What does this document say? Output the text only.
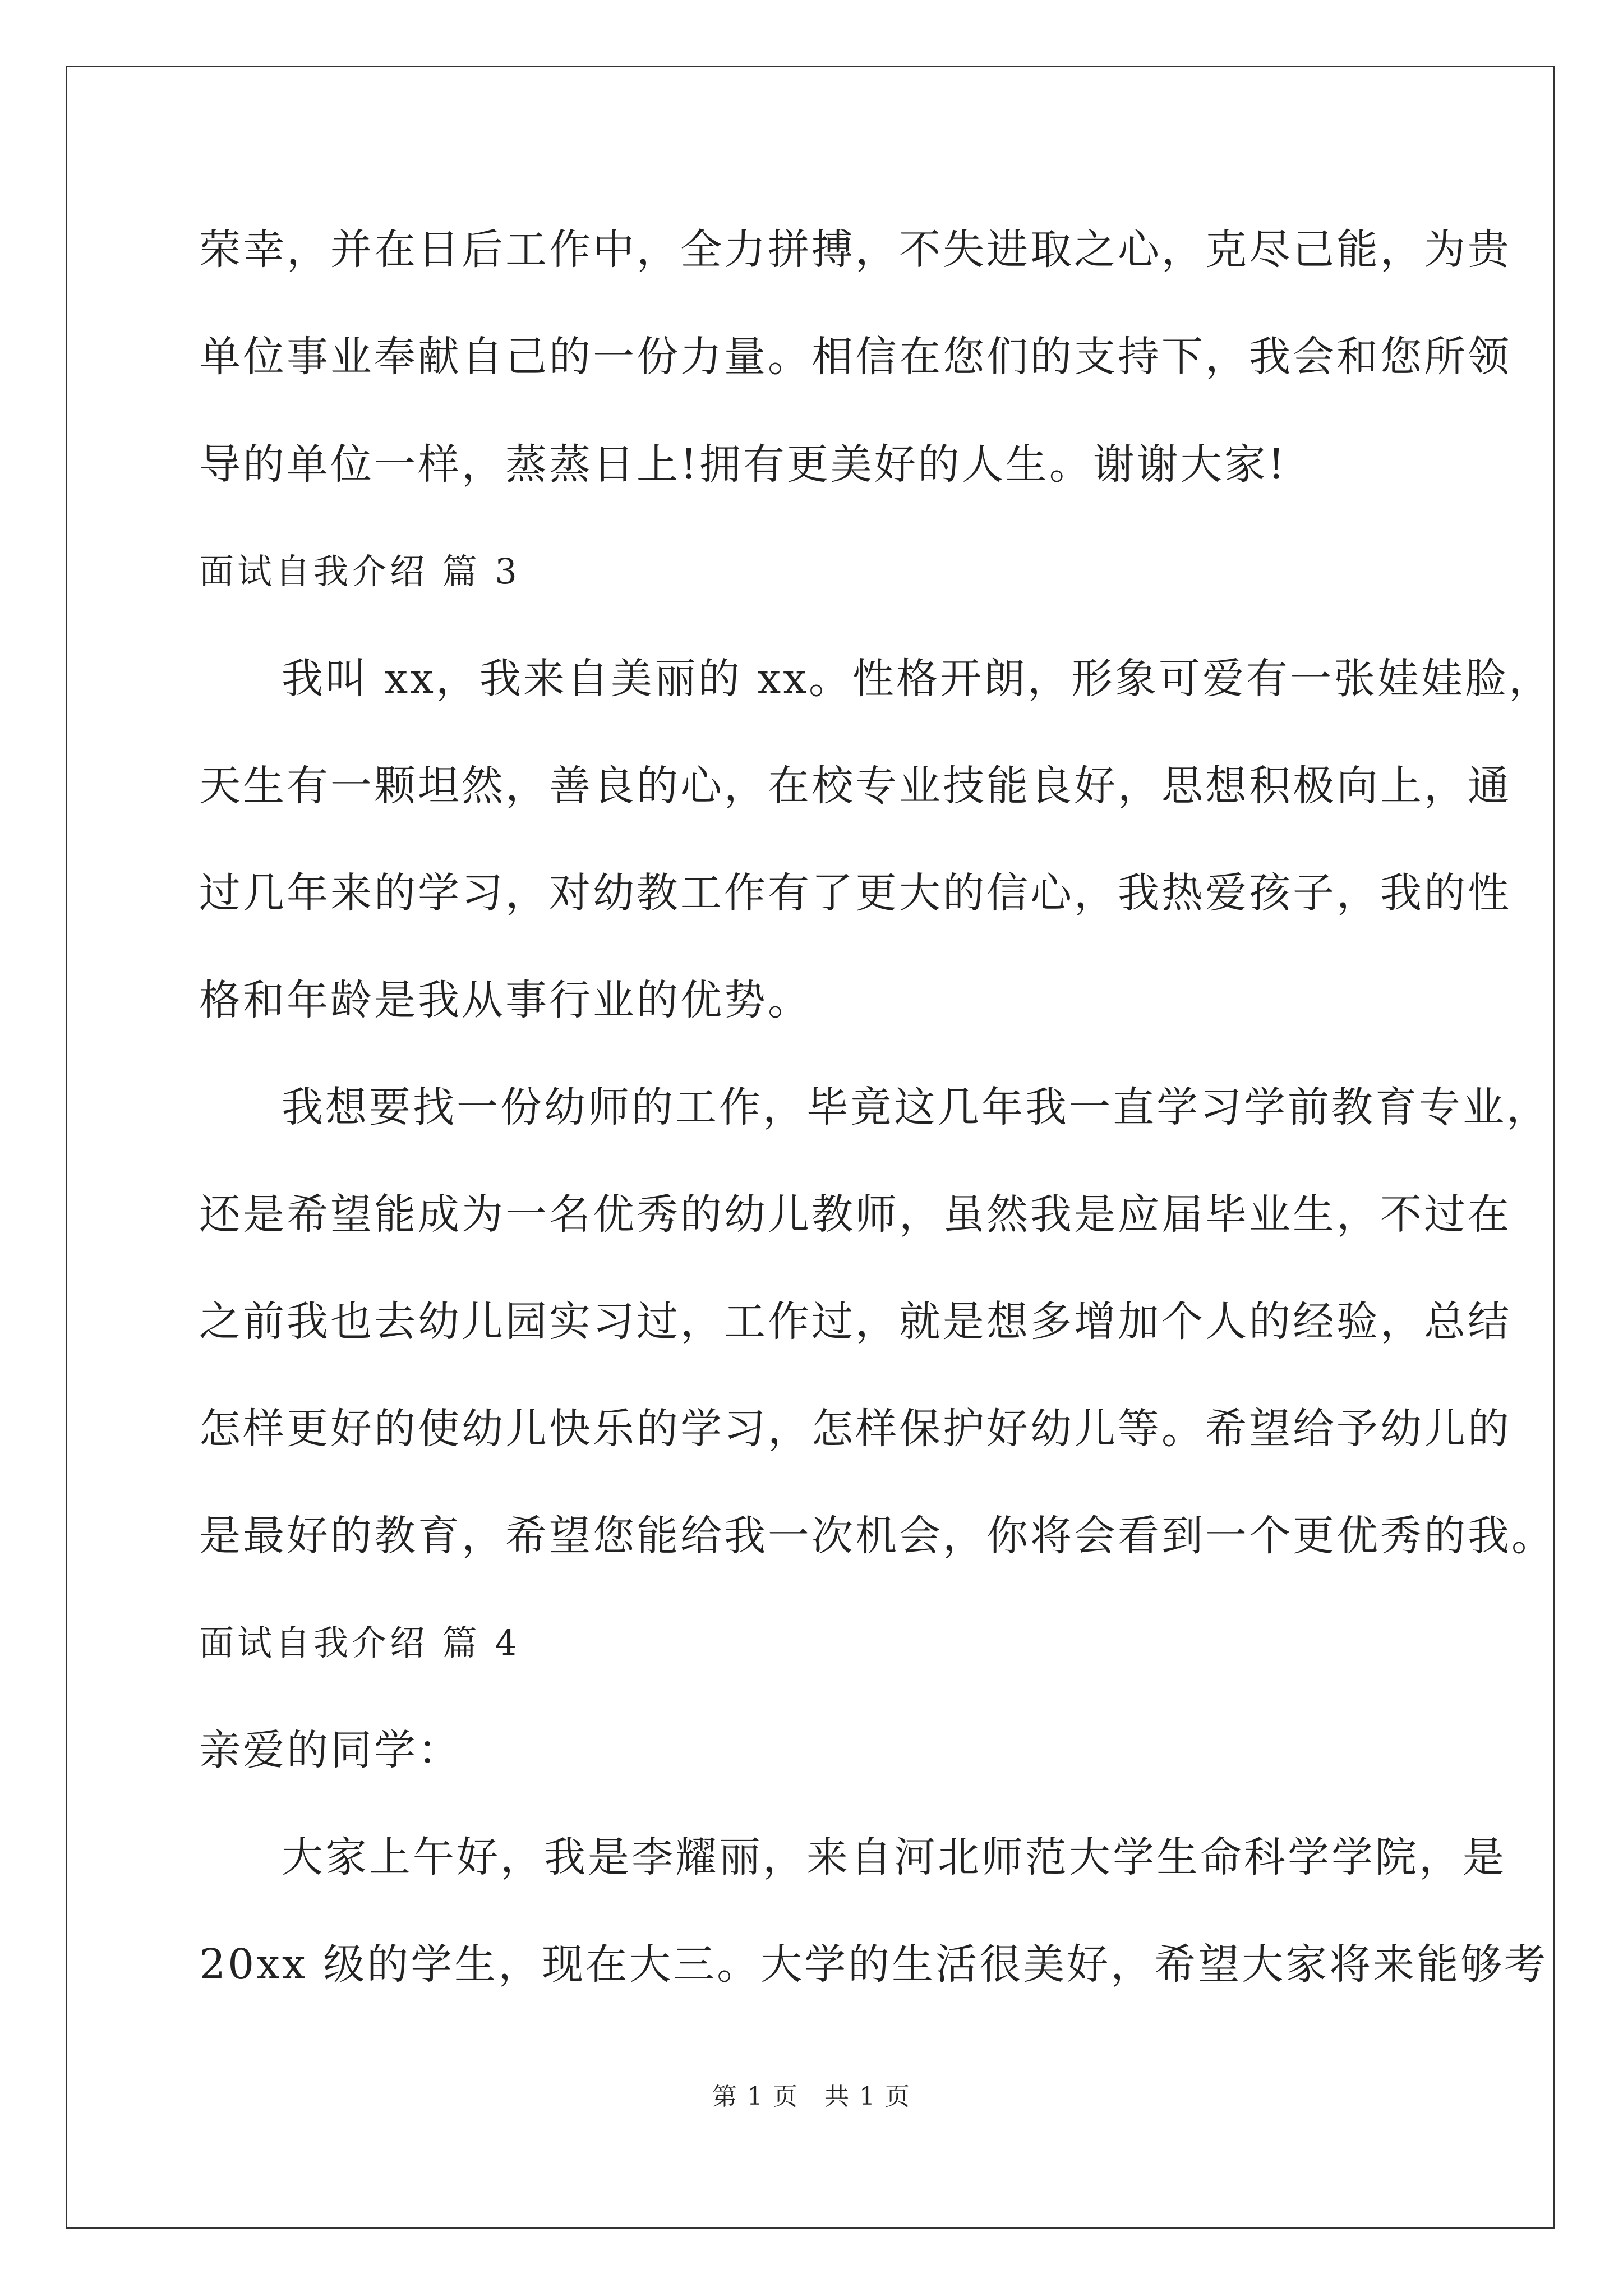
荣幸，并在日后工作中，全力拼搏，不失进取之心，克尽己能，为贵
单位事业奉献自己的一份力量。相信在您们的支持下，我会和您所领
导的单位一样，蒸蒸日上!拥有更美好的人生。谢谢大家!
面试自我介绍 篇 3
我叫 xx，我来自美丽的 xx。性格开朗，形象可爱有一张娃娃脸，
天生有一颗坦然，善良的心，在校专业技能良好，思想积极向上，通
过几年来的学习，对幼教工作有了更大的信心，我热爱孩子，我的性
格和年龄是我从事行业的优势。
我想要找一份幼师的工作，毕竟这几年我一直学习学前教育专业，
还是希望能成为一名优秀的幼儿教师，虽然我是应届毕业生，不过在
之前我也去幼儿园实习过，工作过，就是想多增加个人的经验，总结
怎样更好的使幼儿快乐的学习，怎样保护好幼儿等。希望给予幼儿的
是最好的教育，希望您能给我一次机会，你将会看到一个更优秀的我。
面试自我介绍 篇 4
亲爱的同学：
大家上午好，我是李耀丽，来自河北师范大学生命科学学院，是
20xx 级的学生，现在大三。大学的生活很美好，希望大家将来能够考
第 1 页　共 1 页
